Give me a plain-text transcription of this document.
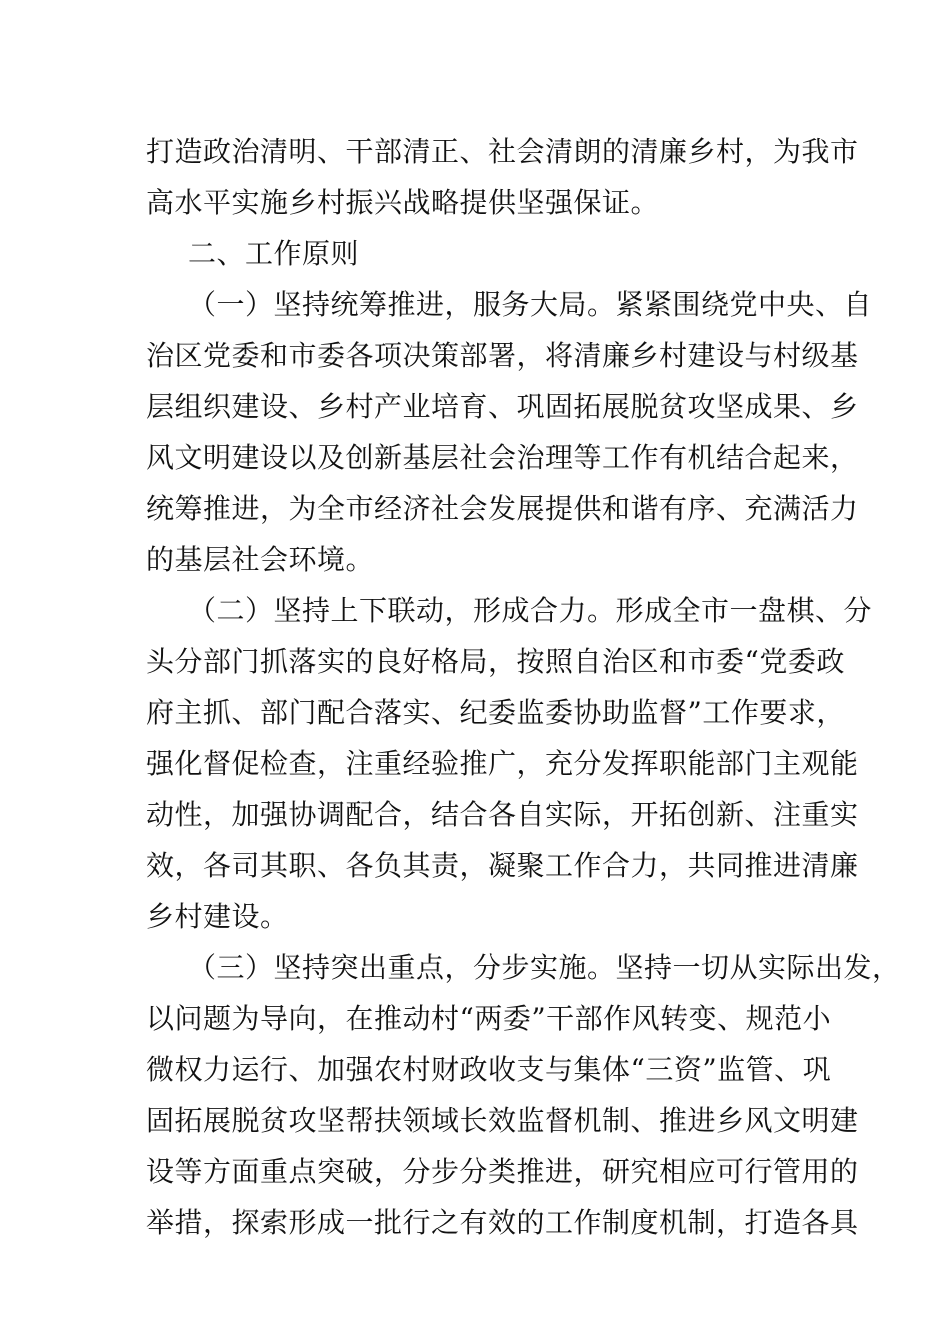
打造政治清明、干部清正、社会清朗的清廉乡村，为我市
高水平实施乡村振兴战略提供坚强保证。
二、工作原则
（一）坚持统筹推进，服务大局。紧紧围绕党中央、自
治区党委和市委各项决策部署，将清廉乡村建设与村级基
层组织建设、乡村产业培育、巩固拓展脱贫攻坚成果、乡
风文明建设以及创新基层社会治理等工作有机结合起来，
统筹推进，为全市经济社会发展提供和谐有序、充满活力
的基层社会环境。
（二）坚持上下联动，形成合力。形成全市一盘棋、分
头分部门抓落实的良好格局，按照自治区和市委“党委政
府主抓、部门配合落实、纪委监委协助监督”工作要求，
强化督促检查，注重经验推广，充分发挥职能部门主观能
动性，加强协调配合，结合各自实际，开拓创新、注重实
效，各司其职、各负其责，凝聚工作合力，共同推进清廉
乡村建设。
（三）坚持突出重点，分步实施。坚持一切从实际出发，
以问题为导向，在推动村“两委”干部作风转变、规范小
微权力运行、加强农村财政收支与集体“三资”监管、巩
固拓展脱贫攻坚帮扶领域长效监督机制、推进乡风文明建
设等方面重点突破，分步分类推进，研究相应可行管用的
举措，探索形成一批行之有效的工作制度机制，打造各具
